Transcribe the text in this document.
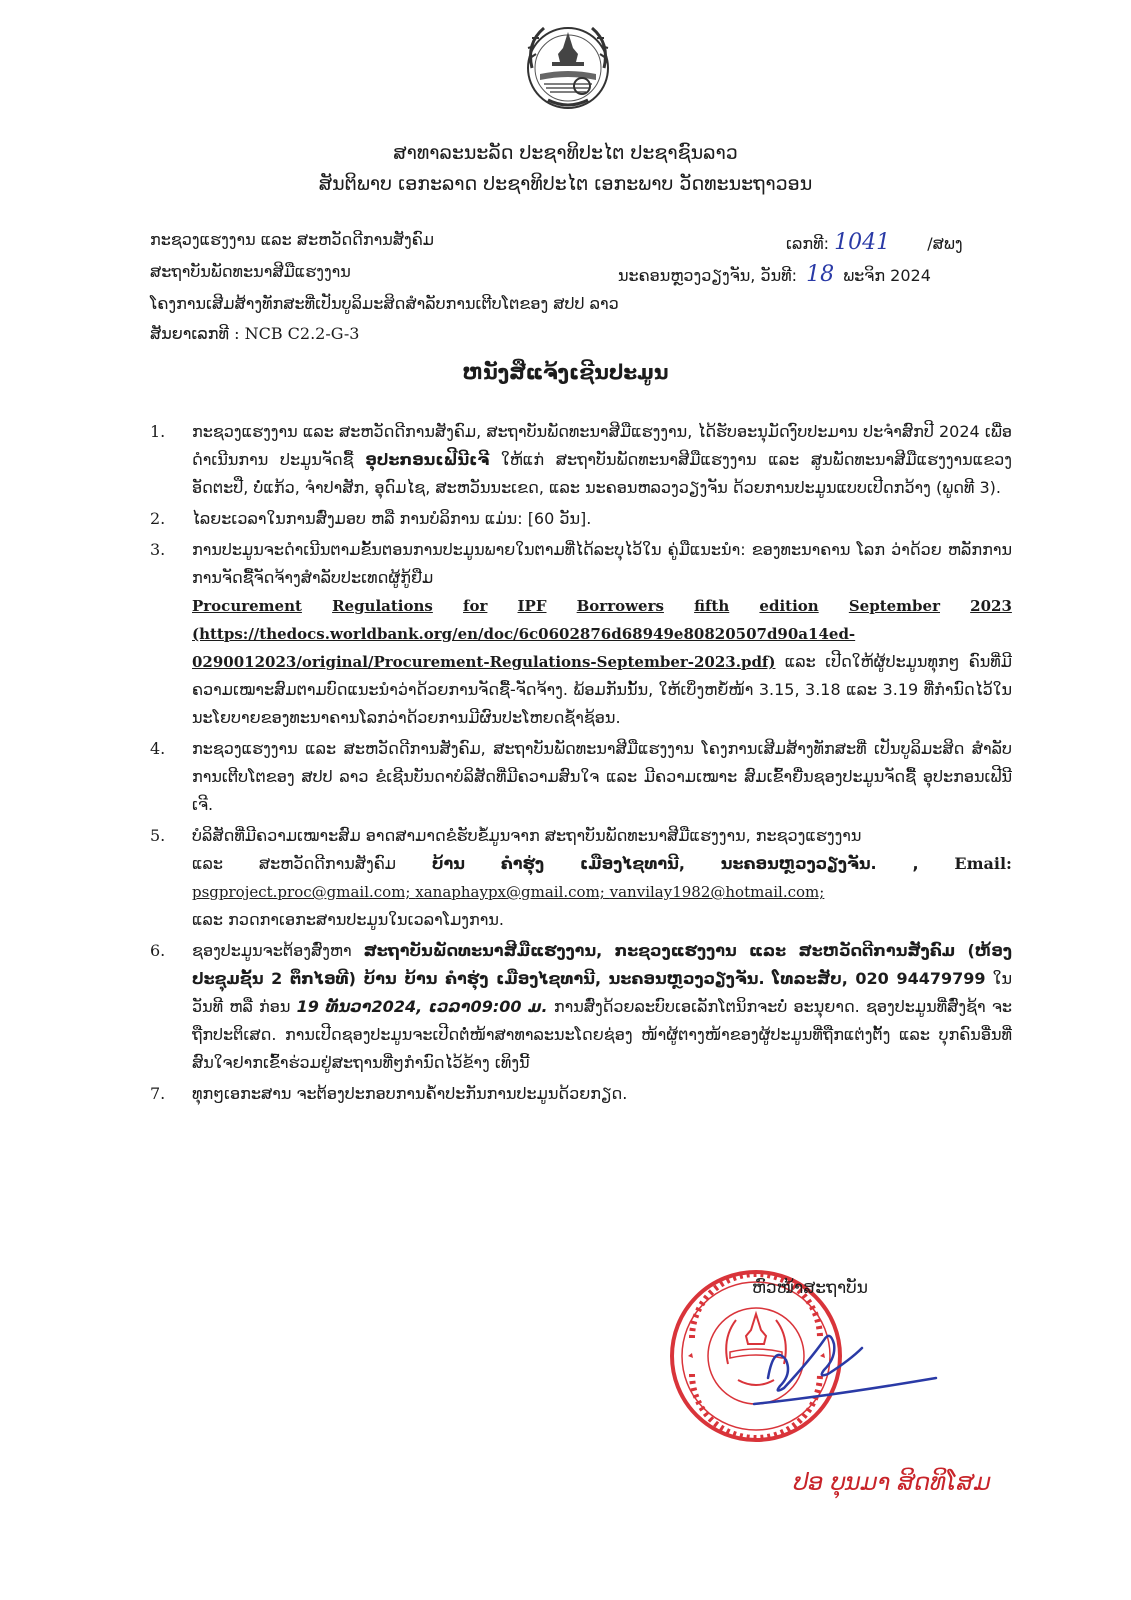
ສາທາລະນະລັດ ປະຊາທິປະໄຕ ປະຊາຊົນລາວ
ສັນຕິພາບ ເອກະລາດ ປະຊາທິປະໄຕ ເອກະພາບ ວັດທະນະຖາວອນ
ກະຊວງແຮງງານ ແລະ ສະຫວັດດີການສັງຄົມ
ສະຖາບັນພັດທະນາສີມືແຮງງານ
ໂຄງການເສີມສ້າງທັກສະທີ່ເປັນບູລິມະສິດສຳລັບການເຕີບໂຕຂອງ ສປປ ລາວ
ສັນຍາເລກທີ : NCB C2.2-G-3
ເລກທີ: 1041 /ສພງ
ນະຄອນຫຼວງວຽງຈັນ, ວັນທີ: 18 ພະຈິກ 2024
ຫນັງສືແຈ້ງເຊີນປະມູນ
1.	ກະຊວງແຮງງານ ແລະ ສະຫວັດດີການສັງຄົມ, ສະຖາບັນພັດທະນາສີມືແຮງງານ, ໄດ້ຮັບອະນຸມັດງົບປະມານ ປະຈຳສົກປີ 2024 ເພື່ອດຳເນີນການ ປະມູນຈັດຊື້ ອຸປະກອນເຟີນີເຈີ ໃຫ້ແກ່ ສະຖາບັນພັດທະນາສີມືແຮງງານ ແລະ ສູນພັດທະນາສີມືແຮງງານແຂວງ ອັດຕະປື, ບໍ່ແກ້ວ, ຈຳປາສັກ, ອຸດົມໄຊ, ສະຫວັນນະເຂດ, ແລະ ນະຄອນຫລວງວຽງຈັນ ດ້ວຍການປະມູນແບບເປີດກວ້າງ (ພູດທີ 3).
2.	ໄລຍະເວລາໃນການສົ່ງມອບ ຫລື ການບໍລິການ ແມ່ນ: [60 ວັນ].
3.	ການປະມູນຈະດຳເນີນຕາມຂັ້ນຕອນການປະມູນພາຍໃນຕາມທີ່ໄດ້ລະບຸໄວ້ໃນ ຄູ່ມືແນະນຳ: ຂອງທະນາຄານ ໂລກ ວ່າດ້ວຍ ຫລັກການການຈັດຊື້ຈັດຈ້າງສຳລັບປະເທດຜູ້ກູ້ຢືມ
Procurement Regulations for IPF Borrowers fifth edition September 2023
(https://thedocs.worldbank.org/en/doc/6c0602876d68949e80820507d90a14ed-
0290012023/original/Procurement-Regulations-September-2023.pdf) ແລະ ເປີດໃຫ້ຜູ້ປະມູນທຸກໆ ຄົນທີ່ມີຄວາມເໝາະສົມຕາມບົດແນະນຳວ່າດ້ວຍການຈັດຊື້-ຈັດຈ້າງ. ພ້ອມກັນນັ້ນ, ໃຫ້ເບິ່ງຫຍໍ້ໜ້າ 3.15, 3.18 ແລະ 3.19 ທີ່ກຳນົດໄວ້ໃນນະໂຍບາຍຂອງທະນາຄານໂລກວ່າດ້ວຍການມີຜົນປະໂຫຍດຊໍ້າຊ້ອນ.
4.	ກະຊວງແຮງງານ ແລະ ສະຫວັດດີການສັງຄົມ, ສະຖາບັນພັດທະນາສີມືແຮງງານ ໂຄງການເສີມສ້າງທັກສະທີ່ ເປັນບູລິມະສິດ ສຳລັບການເຕີບໂຕຂອງ ສປປ ລາວ ຂໍເຊີນບັນດາບໍລິສັດທີ່ມີຄວາມສົນໃຈ ແລະ ມີຄວາມເໝາະ ສົມເຂົ້າຍື່ນຊອງປະມູນຈັດຊື້ ອຸປະກອນເຟີນີເຈີ.
5.	ບໍລິສັດທີ່ມີຄວາມເໝາະສົມ ອາດສາມາດຂໍຮັບຂໍ້ມູນຈາກ ສະຖາບັນພັດທະນາສີມືແຮງງານ, ກະຊວງແຮງງານ
ແລະ ສະຫວັດດີການສັງຄົມ ບ້ານ ຄຳຮຸ່ງ ເມືອງໄຊທານີ, ນະຄອນຫຼວງວຽງຈັນ. , Email:
psgproject.proc@gmail.com; xanaphaypx@gmail.com; vanvilay1982@hotmail.com;
ແລະ ກວດກາເອກະສານປະມູນໃນເວລາໂມງການ.
6.	ຊອງປະມູນຈະຕ້ອງສົ່ງຫາ ສະຖາບັນພັດທະນາສີມືແຮງງານ, ກະຊວງແຮງງານ ແລະ ສະຫວັດດີການສັງຄົມ (ຫ້ອງປະຊຸມຊັ້ນ 2 ຕຶກໄອທີ) ບ້ານ ບ້ານ ຄຳຮຸ່ງ ເມືອງໄຊທານີ, ນະຄອນຫຼວງວຽງຈັນ. ໂທລະສັບ, 020 94479799 ໃນວັນທີ ຫລື ກ່ອນ 19 ທັນວາ2024, ເວລາ09:00 ມ. ການສົ່ງດ້ວຍລະບົບເອເລັກໂຕນິກຈະບໍ່ ອະນຸຍາດ. ຊອງປະມູນທີ່ສົ່ງຊ້າ ຈະຖືກປະຕິເສດ. ການເປີດຊອງປະມູນຈະເປີດຕໍ່ໜ້າສາທາລະນະໂດຍຊ່ອງ ໜ້າຜູ້ຕາງໜ້າຂອງຜູ້ປະມູນທີ່ຖືກແຕ່ງຕັ້ງ ແລະ ບຸກຄົນອື່ນທີ່ສົນໃຈຢາກເຂົ້າຮ່ວມຢູ່ສະຖານທີ່ໆກຳນົດໄວ້ຂ້າງ ເທິງນີ້
7.	ທຸກໆເອກະສານ ຈະຕ້ອງປະກອບການຄ້ຳປະກັນການປະມູນດ້ວຍກຽດ.
ຫົວໜ້າສະຖາບັນ
ປອ ບຸນມາ ສິດທິໂສມ
